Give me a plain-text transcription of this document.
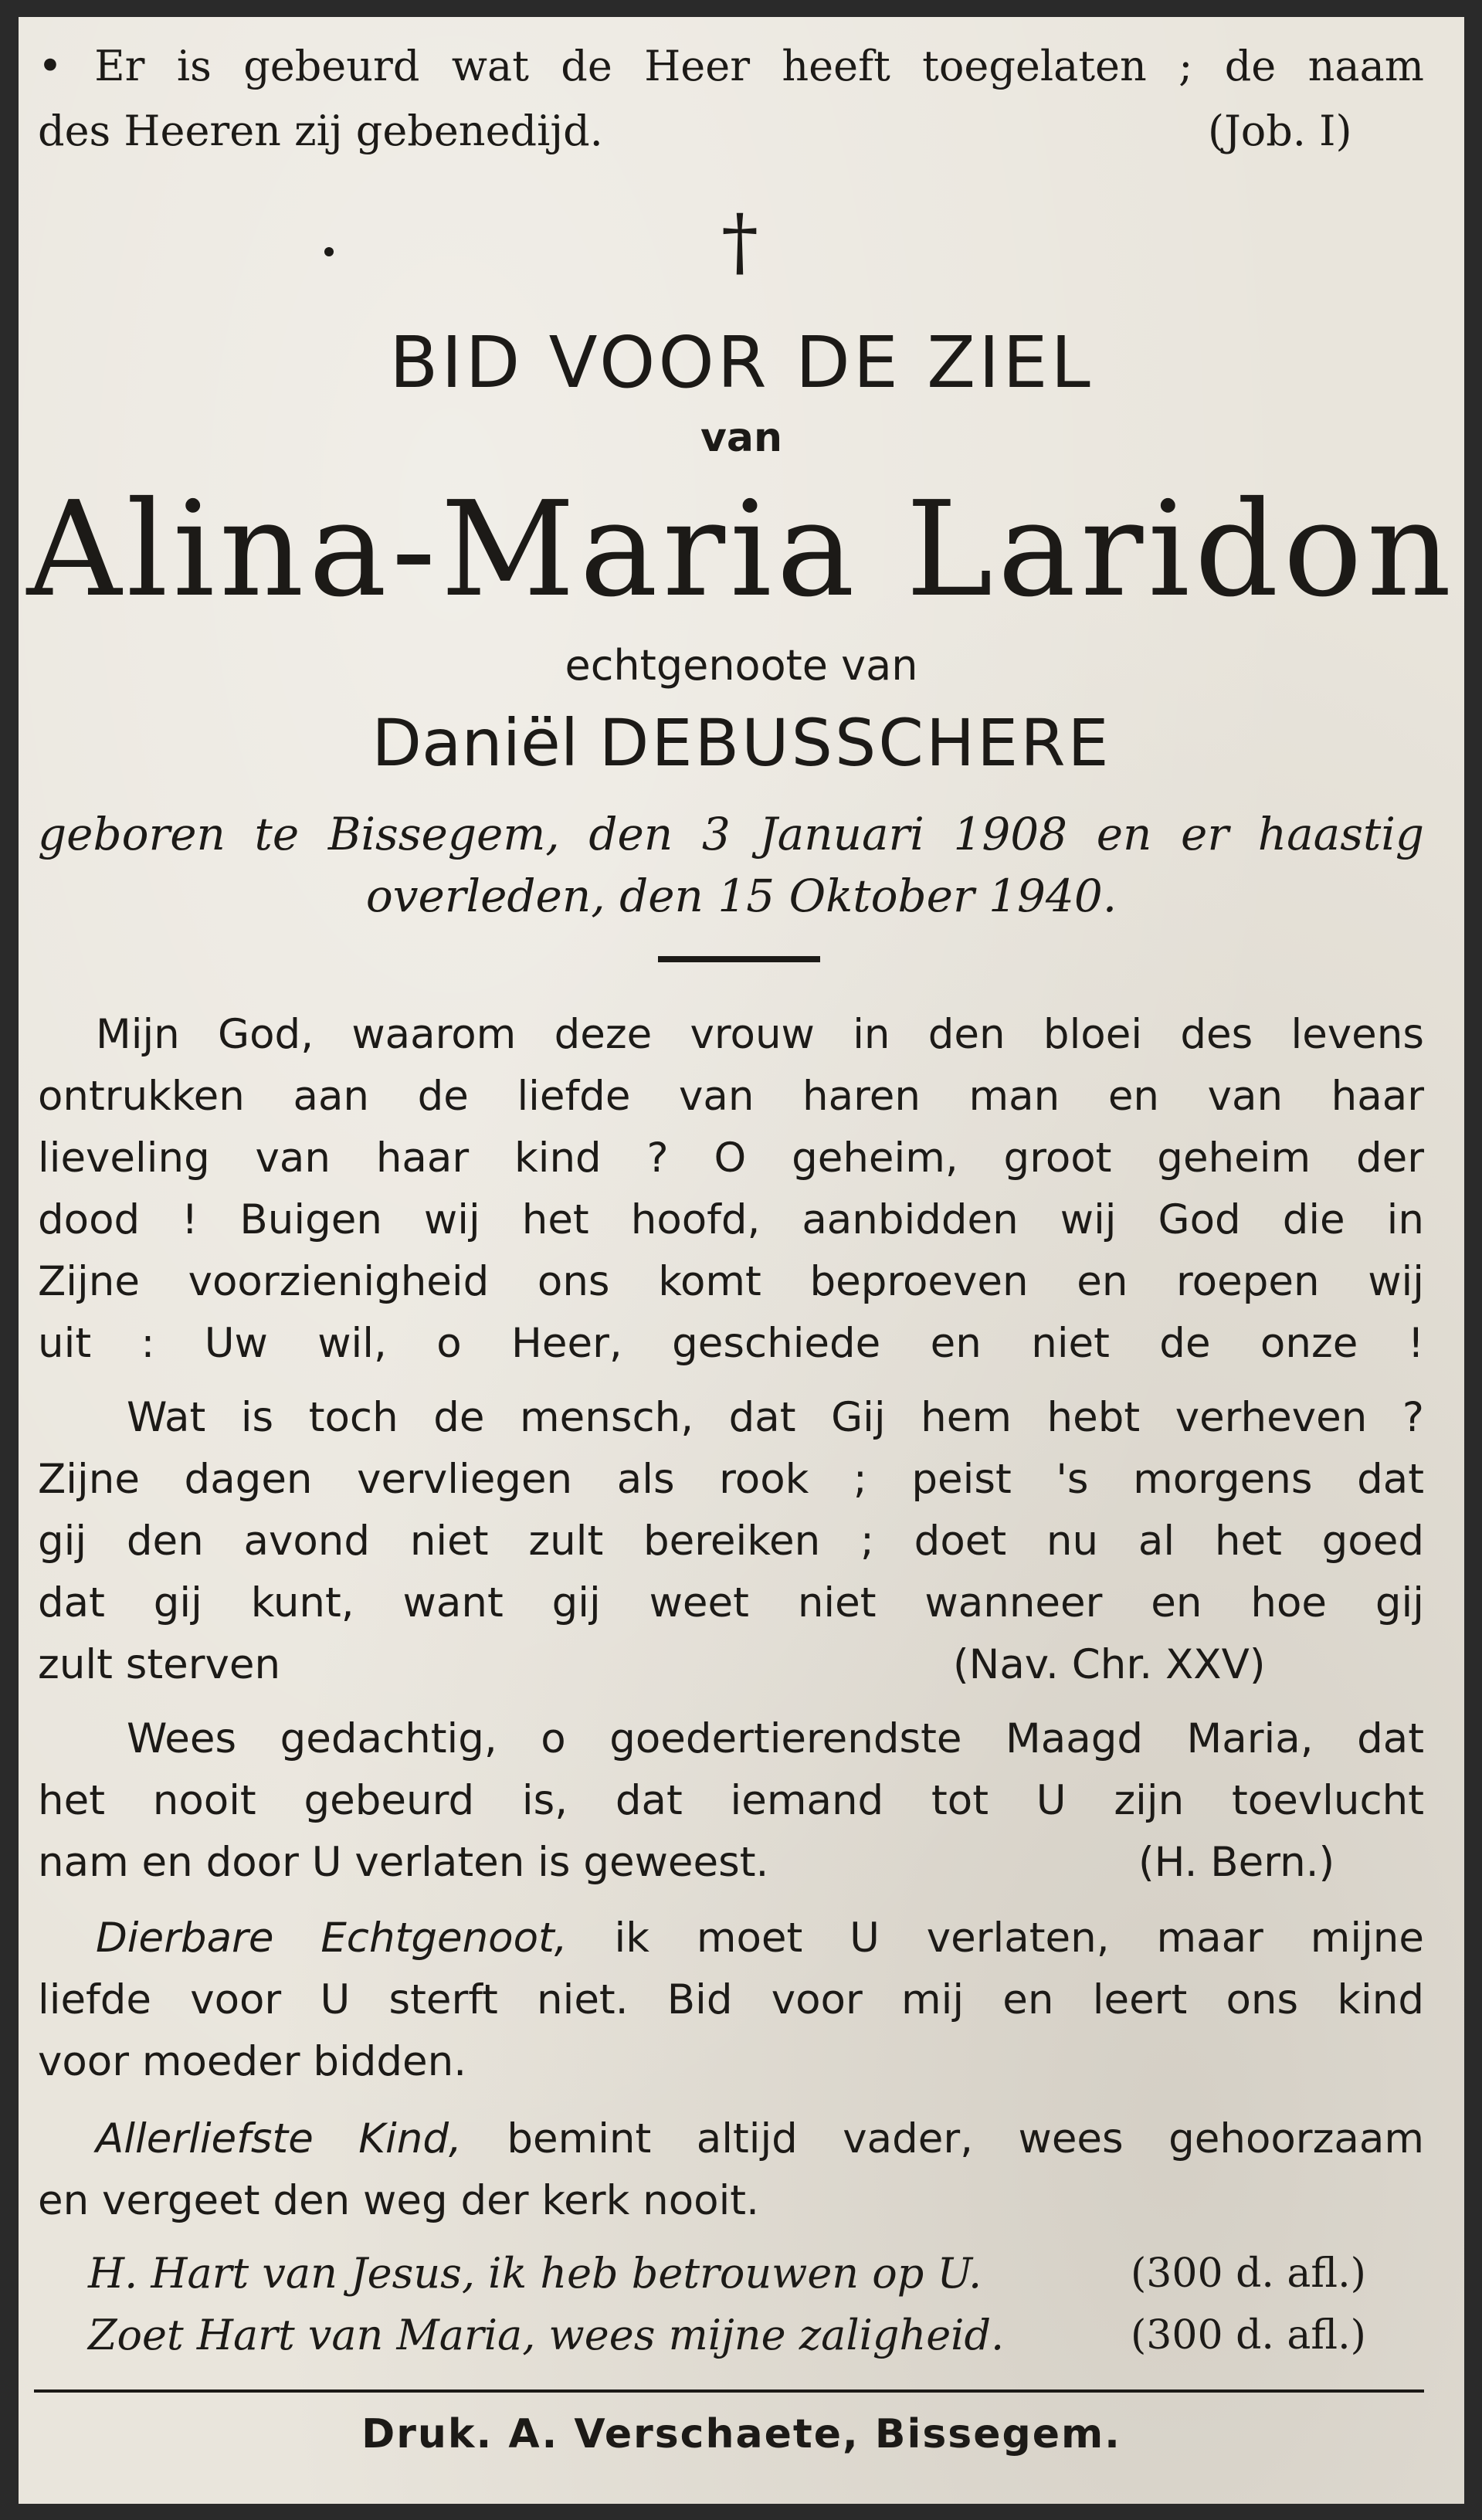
• Er is gebeurd wat de Heer heeft toegelaten ; de naam
des Heeren zij gebenedijd.	(Job. I)
†
BID VOOR DE ZIEL
van
Alina-Maria Laridon
echtgenoote van
Daniël DEBUSSCHERE
geboren te Bissegem, den 3 Januari 1908 en er haastig
overleden, den 15 Oktober 1940.
Mijn God, waarom deze vrouw in den bloei des levens
ontrukken aan de liefde van haren man en van haar
lieveling van haar kind ? O geheim, groot geheim der
dood ! Buigen wij het hoofd, aanbidden wij God die in
Zijne voorzienigheid ons komt beproeven en roepen wij
uit : Uw wil, o Heer, geschiede en niet de onze !
Wat is toch de mensch, dat Gij hem hebt verheven ?
Zijne dagen vervliegen als rook ; peist 's morgens dat
gij den avond niet zult bereiken ; doet nu al het goed
dat gij kunt, want gij weet niet wanneer en hoe gij
zult sterven	(Nav. Chr. XXV)
Wees gedachtig, o goedertierendste Maagd Maria, dat
het nooit gebeurd is, dat iemand tot U zijn toevlucht
nam en door U verlaten is geweest.	(H. Bern.)
Dierbare Echtgenoot, ik moet U verlaten, maar mijne
liefde voor U sterft niet. Bid voor mij en leert ons kind
voor moeder bidden.
Allerliefste Kind, bemint altijd vader, wees gehoorzaam
en vergeet den weg der kerk nooit.
H. Hart van Jesus, ik heb betrouwen op U.	(300 d. afl.)
Zoet Hart van Maria, wees mijne zaligheid.	(300 d. afl.)
Druk. A. Verschaete, Bissegem.
